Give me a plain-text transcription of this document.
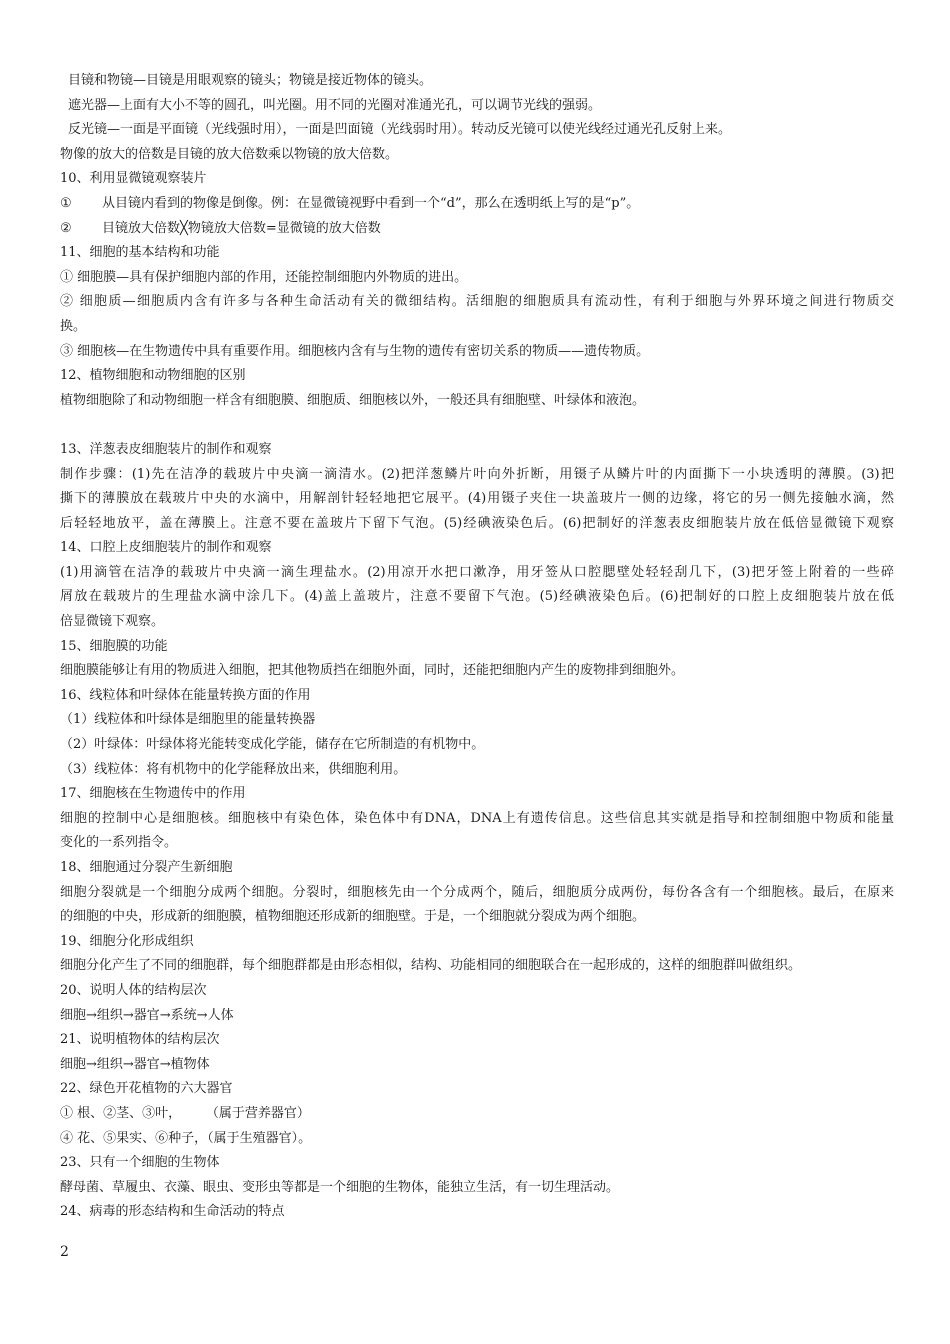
目镜和物镜—目镜是用眼观察的镜头；物镜是接近物体的镜头。
遮光器—上面有大小不等的圆孔，叫光圈。用不同的光圈对准通光孔，可以调节光线的强弱。
反光镜—一面是平面镜（光线强时用），一面是凹面镜（光线弱时用）。转动反光镜可以使光线经过通光孔反射上来。
物像的放大的倍数是目镜的放大倍数乘以物镜的放大倍数。
10、利用显微镜观察装片
① 从目镜内看到的物像是倒像。例：在显微镜视野中看到一个“d”，那么在透明纸上写的是“p”。
② 目镜放大倍数╳物镜放大倍数=显微镜的放大倍数
11、细胞的基本结构和功能
① 细胞膜—具有保护细胞内部的作用，还能控制细胞内外物质的进出。
② 细胞质—细胞质内含有许多与各种生命活动有关的微细结构。活细胞的细胞质具有流动性，有利于细胞与外界环境之间进行物质交
换。
③ 细胞核—在生物遗传中具有重要作用。细胞核内含有与生物的遗传有密切关系的物质——遗传物质。
12、植物细胞和动物细胞的区别
植物细胞除了和动物细胞一样含有细胞膜、细胞质、细胞核以外，一般还具有细胞壁、叶绿体和液泡。
13、洋葱表皮细胞装片的制作和观察
制作步骤：(1)先在洁净的载玻片中央滴一滴清水。(2)把洋葱鳞片叶向外折断，用镊子从鳞片叶的内面撕下一小块透明的薄膜。(3)把
撕下的薄膜放在载玻片中央的水滴中，用解剖针轻轻地把它展平。(4)用镊子夹住一块盖玻片一侧的边缘，将它的另一侧先接触水滴，然
后轻轻地放平，盖在薄膜上。注意不要在盖玻片下留下气泡。(5)经碘液染色后。(6)把制好的洋葱表皮细胞装片放在低倍显微镜下观察
14、口腔上皮细胞装片的制作和观察
(1)用滴管在洁净的载玻片中央滴一滴生理盐水。(2)用凉开水把口漱净，用牙签从口腔腮壁处轻轻刮几下，(3)把牙签上附着的一些碎
屑放在载玻片的生理盐水滴中涂几下。(4)盖上盖玻片，注意不要留下气泡。(5)经碘液染色后。(6)把制好的口腔上皮细胞装片放在低
倍显微镜下观察。
15、细胞膜的功能
细胞膜能够让有用的物质进入细胞，把其他物质挡在细胞外面，同时，还能把细胞内产生的废物排到细胞外。
16、线粒体和叶绿体在能量转换方面的作用
（1）线粒体和叶绿体是细胞里的能量转换器
（2）叶绿体：叶绿体将光能转变成化学能，储存在它所制造的有机物中。
（3）线粒体：将有机物中的化学能释放出来，供细胞利用。
17、细胞核在生物遗传中的作用
细胞的控制中心是细胞核。细胞核中有染色体，染色体中有DNA，DNA上有遗传信息。这些信息其实就是指导和控制细胞中物质和能量
变化的一系列指令。
18、细胞通过分裂产生新细胞
细胞分裂就是一个细胞分成两个细胞。分裂时，细胞核先由一个分成两个，随后，细胞质分成两份，每份各含有一个细胞核。最后，在原来
的细胞的中央，形成新的细胞膜，植物细胞还形成新的细胞壁。于是，一个细胞就分裂成为两个细胞。
19、细胞分化形成组织
细胞分化产生了不同的细胞群，每个细胞群都是由形态相似，结构、功能相同的细胞联合在一起形成的，这样的细胞群叫做组织。
20、说明人体的结构层次
细胞→组织→器官→系统→人体
21、说明植物体的结构层次
细胞→组织→器官→植物体
22、绿色开花植物的六大器官
① 根、②茎、③叶，      （属于营养器官）
④ 花、⑤果实、⑥种子，（属于生殖器官）。
23、只有一个细胞的生物体
酵母菌、草履虫、衣藻、眼虫、变形虫等都是一个细胞的生物体，能独立生活，有一切生理活动。
24、病毒的形态结构和生命活动的特点
2
